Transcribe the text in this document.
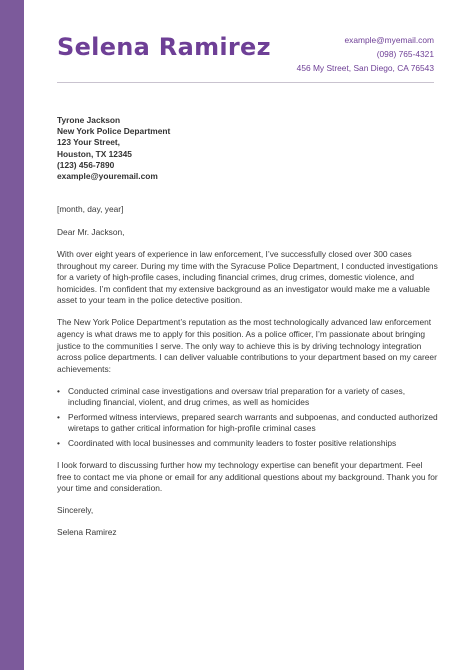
Selena Ramirez	example@myemail.com
(098) 765-4321
456 My Street, San Diego, CA 76543
Tyrone Jackson
New York Police Department
123 Your Street,
Houston, TX 12345
(123) 456-7890
example@youremail.com
[month, day, year]

Dear Mr. Jackson,

With over eight years of experience in law enforcement, I’ve successfully closed over 300 cases throughout my career. During my time with the Syracuse Police Department, I conducted investigations for a variety of high-profile cases, including financial crimes, drug crimes, domestic violence, and homicides. I’m confident that my extensive background as an investigator would make me a valuable asset to your team in the police detective position.

The New York Police Department’s reputation as the most technologically advanced law enforcement agency is what draws me to apply for this position. As a police officer, I’m passionate about bringing justice to the communities I serve. The only way to achieve this is by driving technology integration across police departments. I can deliver valuable contributions to your department based on my career achievements:

• Conducted criminal case investigations and oversaw trial preparation for a variety of cases, including financial, violent, and drug crimes, as well as homicides
• Performed witness interviews, prepared search warrants and subpoenas, and conducted authorized wiretaps to gather critical information for high-profile criminal cases
• Coordinated with local businesses and community leaders to foster positive relationships

I look forward to discussing further how my technology expertise can benefit your department. Feel free to contact me via phone or email for any additional questions about my background. Thank you for your time and consideration.

Sincerely,
Selena Ramirez
